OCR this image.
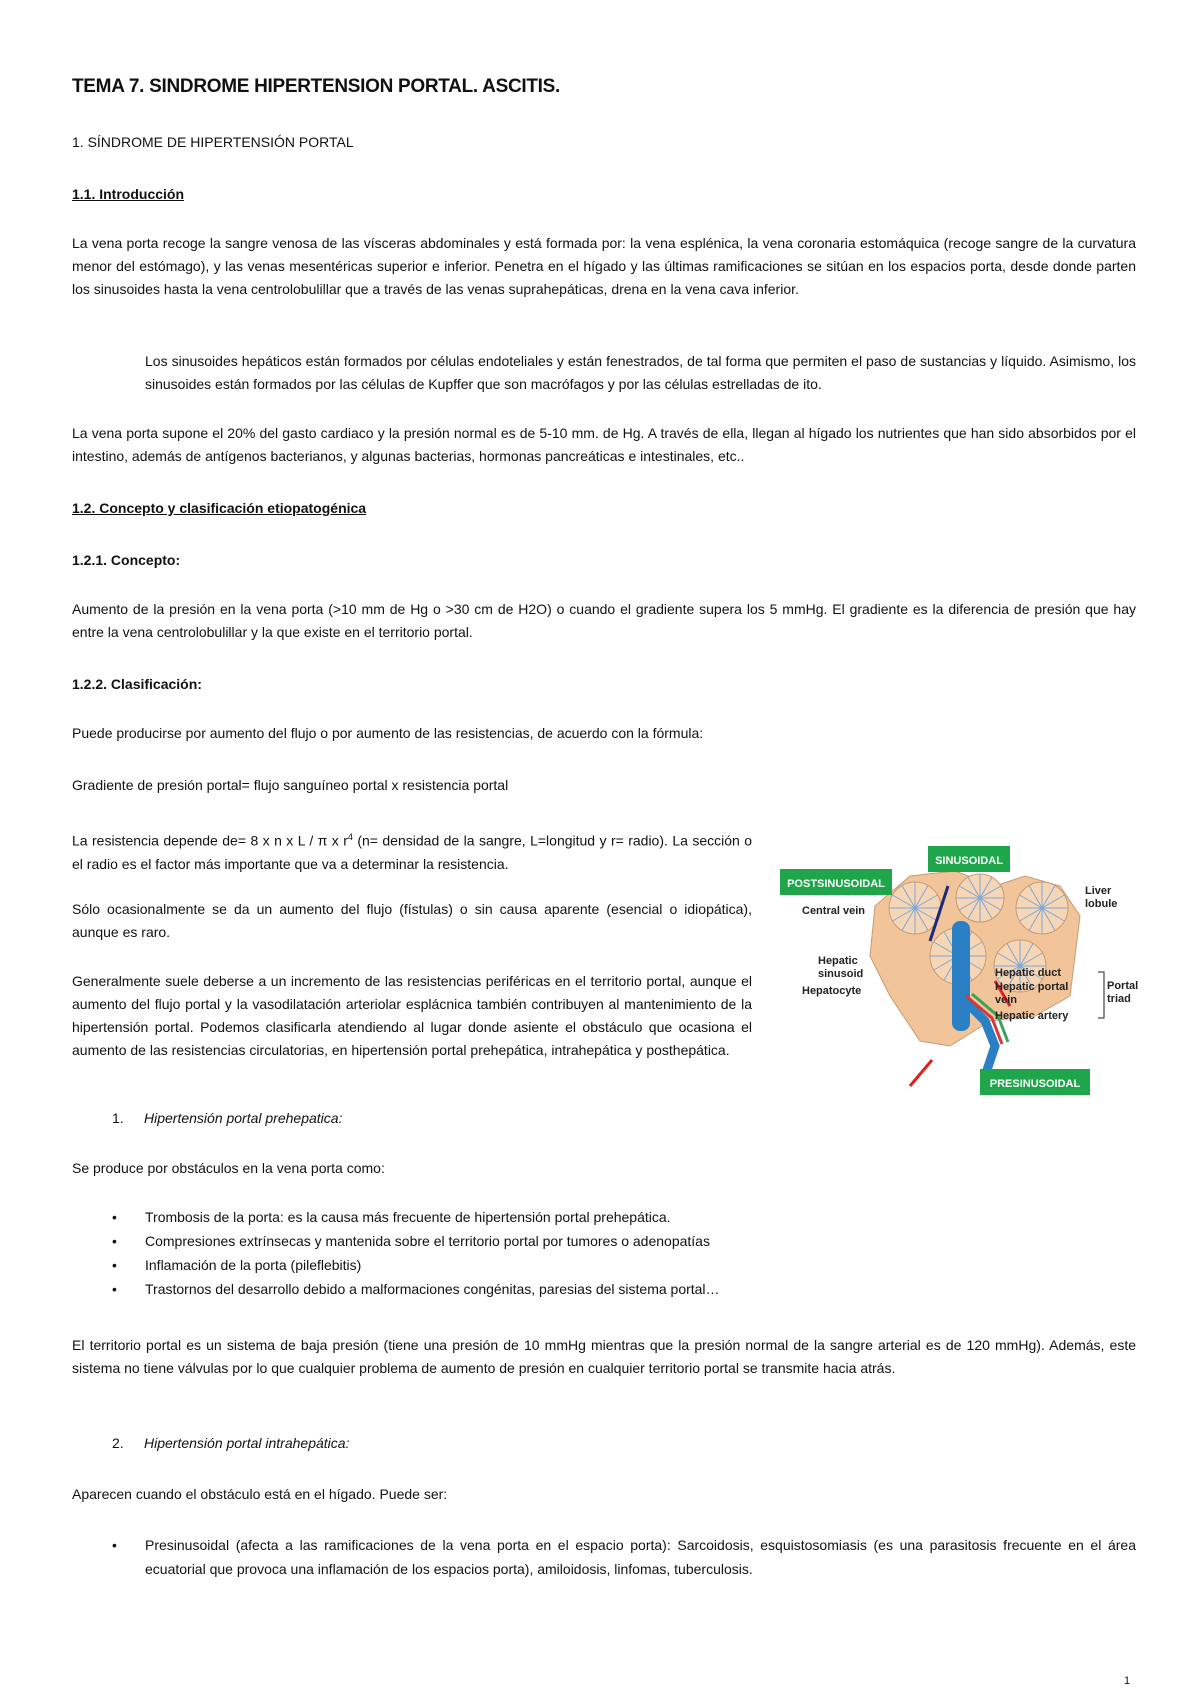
TEMA 7. SINDROME HIPERTENSION PORTAL. ASCITIS.
1. SÍNDROME DE HIPERTENSIÓN PORTAL
1.1. Introducción
La vena porta recoge la sangre venosa de las vísceras abdominales y está formada por: la vena esplénica, la vena coronaria estomáquica (recoge sangre de la curvatura menor del estómago), y las venas mesentéricas superior e inferior. Penetra en el hígado y las últimas ramificaciones se sitúan en los espacios porta, desde donde parten los sinusoides hasta la vena centrolobulillar que a través de las venas suprahepáticas, drena en la vena cava inferior.
Los sinusoides hepáticos están formados por células endoteliales y están fenestrados, de tal forma que permiten el paso de sustancias y líquido. Asimismo, los sinusoides están formados por las células de Kupffer que son macrófagos y por las células estrelladas de ito.
La vena porta supone el 20% del gasto cardiaco y la presión normal es de 5-10 mm. de Hg. A través de ella, llegan al hígado los nutrientes que han sido absorbidos por el intestino, además de antígenos bacterianos, y algunas bacterias, hormonas pancreáticas e intestinales, etc..
1.2. Concepto y clasificación etiopatogénica
1.2.1. Concepto:
Aumento de la presión en la vena porta (>10 mm de Hg o >30 cm de H2O) o cuando el gradiente supera los 5 mmHg. El gradiente es la diferencia de presión que hay entre la vena centrolobulillar y la que existe en el territorio portal.
1.2.2. Clasificación:
Puede producirse por aumento del flujo o por aumento de las resistencias, de acuerdo con la fórmula:
Gradiente de presión portal= flujo sanguíneo portal x resistencia portal
La resistencia depende de= 8 x n x L / π x $r^4$ (n= densidad de la sangre, L=longitud y r= radio). La sección o el radio es el factor más importante que va a determinar la resistencia.
Sólo ocasionalmente se da un aumento del flujo (fístulas) o sin causa aparente (esencial o idiopática), aunque es raro.
Generalmente suele deberse a un incremento de las resistencias periféricas en el territorio portal, aunque el aumento del flujo portal y la vasodilatación arteriolar esplácnica también contribuyen al mantenimiento de la hipertensión portal. Podemos clasificarla atendiendo al lugar donde asiente el obstáculo que ocasiona el aumento de las resistencias circulatorias, en hipertensión portal prehepática, intrahepática y posthepática.
1. Hipertensión portal prehepatica:
Se produce por obstáculos en la vena porta como:
• Trombosis de la porta: es la causa más frecuente de hipertensión portal prehepática.
• Compresiones extrínsecas y mantenida sobre el territorio portal por tumores o adenopatías
• Inflamación de la porta (pileflebitis)
• Trastornos del desarrollo debido a malformaciones congénitas, paresias del sistema portal…
El territorio portal es un sistema de baja presión (tiene una presión de 10 mmHg mientras que la presión normal de la sangre arterial es de 120 mmHg). Además, este sistema no tiene válvulas por lo que cualquier problema de aumento de presión en cualquier territorio portal se transmite hacia atrás.
2. Hipertensión portal intrahepática:
Aparecen cuando el obstáculo está en el hígado. Puede ser:
• Presinusoidal (afecta a las ramificaciones de la vena porta en el espacio porta): Sarcoidosis, esquistosomiasis (es una parasitosis frecuente en el área ecuatorial que provoca una inflamación de los espacios porta), amiloidosis, linfomas, tuberculosis.
1
SINUSOIDAL
POSTSINUSOIDAL
PRESINUSOIDAL
Central vein
Liver
lobule
Hepatic
sinusoid
Hepatocyte
Hepatic duct
Hepatic portal
vein
Hepatic artery
Portal
triad
